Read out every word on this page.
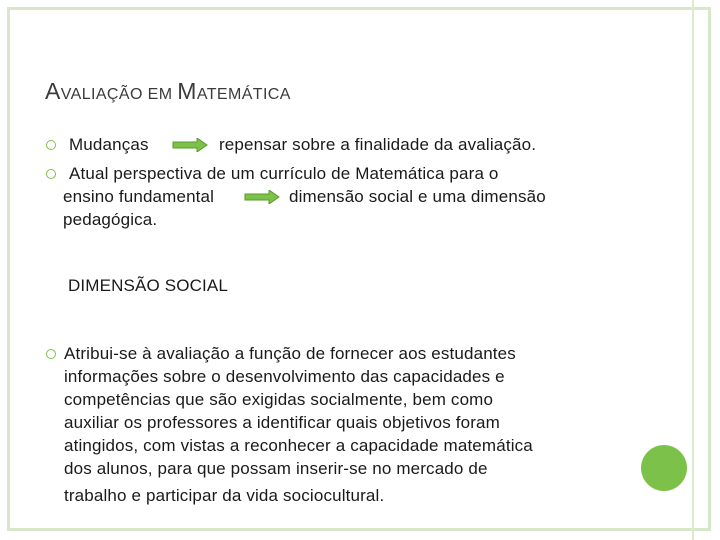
AVALIAÇÃO EM MATEMÁTICA
Mudanças	repensar sobre a finalidade da avaliação.
Atual perspectiva de um currículo de Matemática para o
ensino fundamental	dimensão social e uma dimensão
pedagógica.
DIMENSÃO SOCIAL
Atribui-se à avaliação a função de fornecer aos estudantes
informações sobre o desenvolvimento das capacidades e
competências que são exigidas socialmente, bem como
auxiliar os professores a identificar quais objetivos foram
atingidos, com vistas a reconhecer a capacidade matemática
dos alunos, para que possam inserir-se no mercado de
trabalho e participar da vida sociocultural.
